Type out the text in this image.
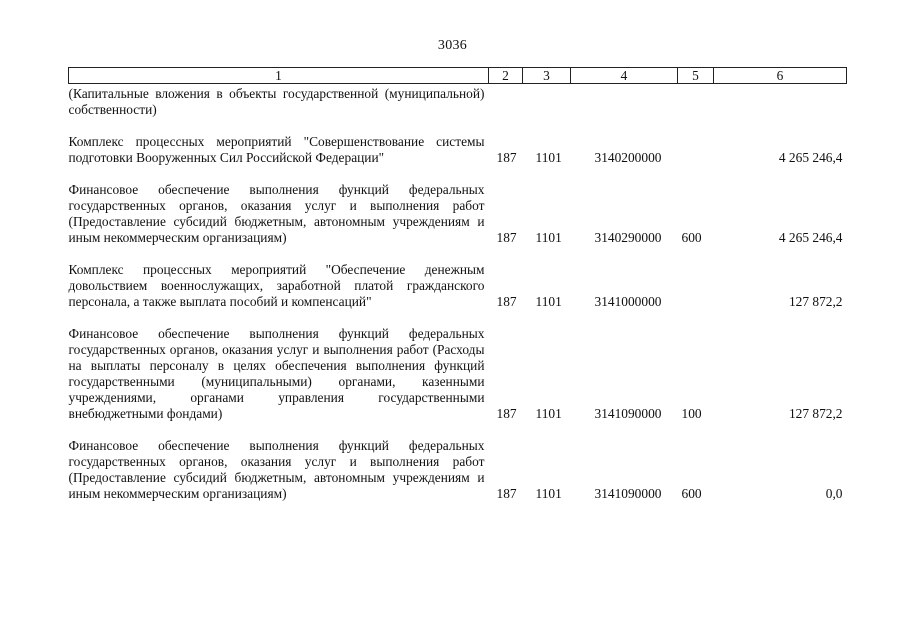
3036
1	2	3	4	5	6
(Капитальные вложения в объекты государственной (муниципальной) собственности)					

Комплекс процессных мероприятий "Совершенствование системы подготовки Вооруженных Сил Российской Федерации"	187	1101	3140200000		4 265 246,4

Финансовое обеспечение выполнения функций федеральных государственных органов, оказания услуг и выполнения работ (Предоставление субсидий бюджетным, автономным учреждениям и иным некоммерческим организациям)	187	1101	3140290000	600	4 265 246,4

Комплекс процессных мероприятий "Обеспечение денежным довольствием военнослужащих, заработной платой гражданского персонала, а также выплата пособий и компенсаций"	187	1101	3141000000		127 872,2

Финансовое обеспечение выполнения функций федеральных государственных органов, оказания услуг и выполнения работ (Расходы на выплаты персоналу в целях обеспечения выполнения функций государственными (муниципальными) органами, казенными учреждениями, органами управления государственными внебюджетными фондами)	187	1101	3141090000	100	127 872,2

Финансовое обеспечение выполнения функций федеральных государственных органов, оказания услуг и выполнения работ (Предоставление субсидий бюджетным, автономным учреждениям и иным некоммерческим организациям)	187	1101	3141090000	600	0,0
